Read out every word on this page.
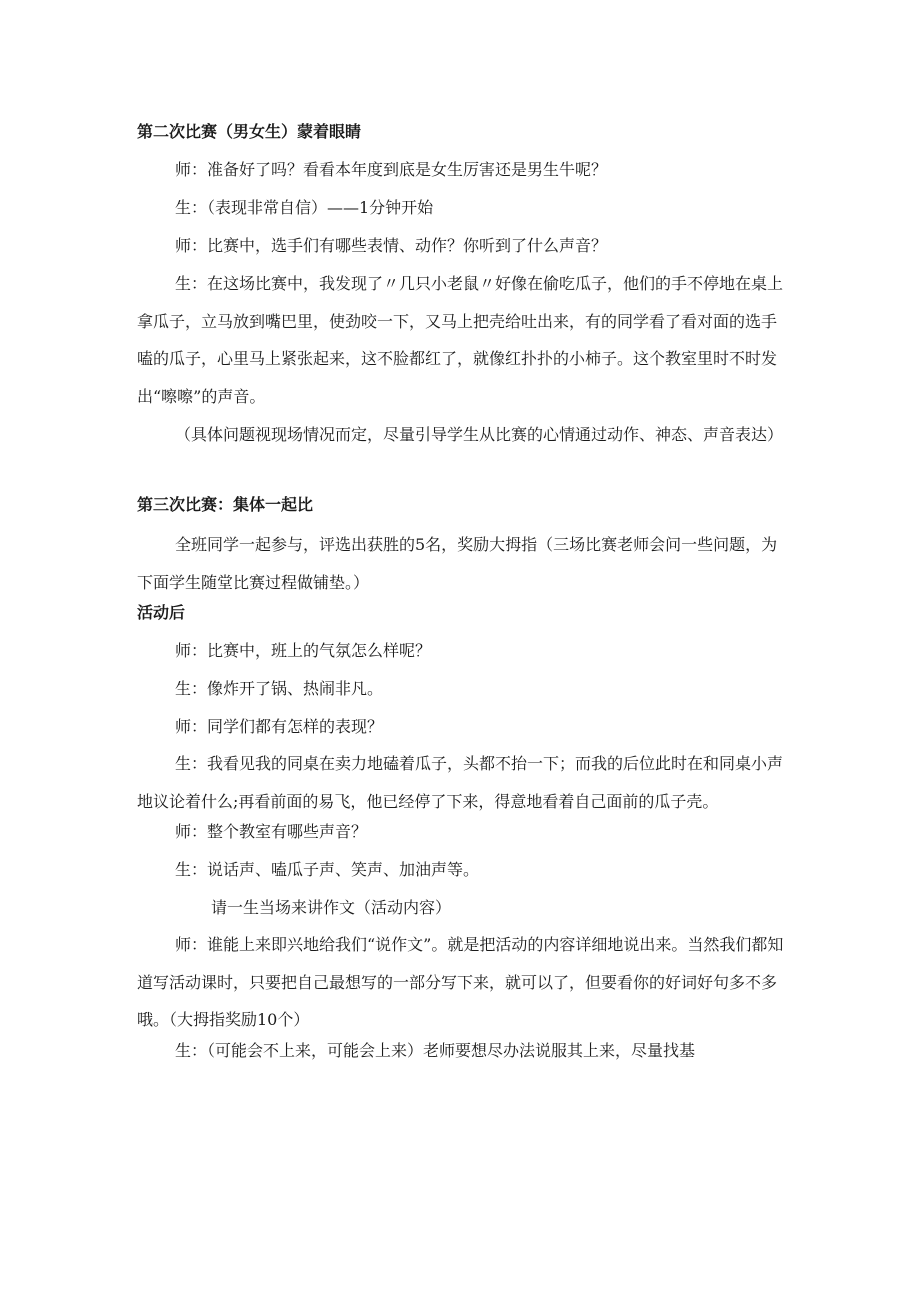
第二次比赛（男女生）蒙着眼睛
师：准备好了吗？看看本年度到底是女生厉害还是男生牛呢？
生：（表现非常自信）——1分钟开始
师：比赛中，选手们有哪些表情、动作？你听到了什么声音？
生：在这场比赛中，我发现了〃几只小老鼠〃好像在偷吃瓜子，他们的手不停地在桌上拿瓜子，立马放到嘴巴里，使劲咬一下，又马上把壳给吐出来，有的同学看了看对面的选手嗑的瓜子，心里马上紧张起来，这不脸都红了，就像红扑扑的小柿子。这个教室里时不时发出“嚓嚓”的声音。
（具体问题视现场情况而定，尽量引导学生从比赛的心情通过动作、神态、声音表达）
第三次比赛：集体一起比
全班同学一起参与，评选出获胜的5名，奖励大拇指（三场比赛老师会问一些问题，为下面学生随堂比赛过程做铺垫。）
活动后
师：比赛中，班上的气氛怎么样呢？
生：像炸开了锅、热闹非凡。
师：同学们都有怎样的表现？
生：我看见我的同桌在卖力地磕着瓜子，头都不抬一下；而我的后位此时在和同桌小声地议论着什么;再看前面的易飞，他已经停了下来，得意地看着自己面前的瓜子壳。
师：整个教室有哪些声音？
生：说话声、嗑瓜子声、笑声、加油声等。
请一生当场来讲作文（活动内容）
师：谁能上来即兴地给我们“说作文”。就是把活动的内容详细地说出来。当然我们都知道写活动课时，只要把自己最想写的一部分写下来，就可以了，但要看你的好词好句多不多哦。（大拇指奖励10个）
生：（可能会不上来，可能会上来）老师要想尽办法说服其上来，尽量找基
